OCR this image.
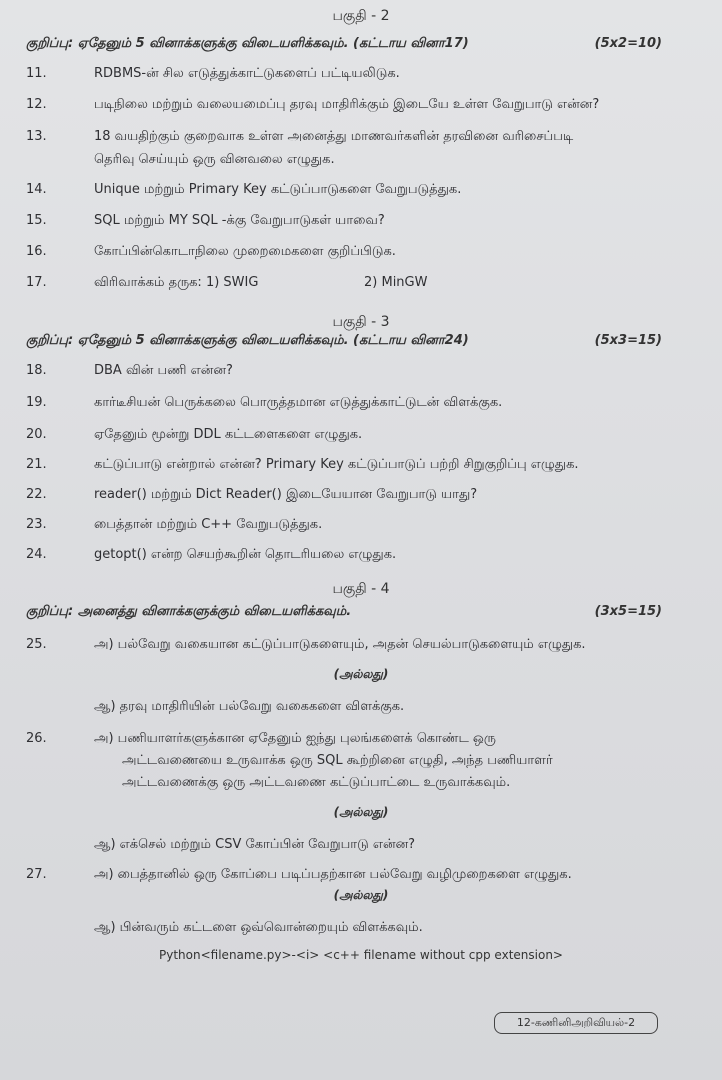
பகுதி - 2
குறிப்பு: ஏதேனும் 5 வினாக்களுக்கு விடையளிக்கவும். (கட்டாய வினா17)	(5x2=10)
11.	RDBMS-ன் சில எடுத்துக்காட்டுகளைப் பட்டியலிடுக.
12.	படிநிலை மற்றும் வலையமைப்பு தரவு மாதிரிக்கும் இடையே உள்ள வேறுபாடு என்ன?
13.	18 வயதிற்கும் குறைவாக உள்ள அனைத்து மாணவர்களின் தரவினை வரிசைப்படி
தெரிவு செய்யும் ஒரு வினவலை எழுதுக.
14.	Unique மற்றும் Primary Key கட்டுப்பாடுகளை வேறுபடுத்துக.
15.	SQL மற்றும் MY SQL -க்கு வேறுபாடுகள் யாவை?
16.	கோப்பின்கொடாநிலை முறைமைகளை குறிப்பிடுக.
17.	விரிவாக்கம் தருக: 1) SWIG	2) MinGW
பகுதி - 3
குறிப்பு: ஏதேனும் 5 வினாக்களுக்கு விடையளிக்கவும். (கட்டாய வினா24)	(5x3=15)
18.	DBA வின் பணி என்ன?
19.	கார்டீசியன் பெருக்கலை பொருத்தமான எடுத்துக்காட்டுடன் விளக்குக.
20.	ஏதேனும் மூன்று DDL கட்டளைகளை எழுதுக.
21.	கட்டுப்பாடு என்றால் என்ன? Primary Key கட்டுப்பாடுப் பற்றி சிறுகுறிப்பு எழுதுக.
22.	reader() மற்றும் Dict Reader() இடையேயான வேறுபாடு யாது?
23.	பைத்தான் மற்றும் C++ வேறுபடுத்துக.
24.	getopt() என்ற செயற்கூறின் தொடரியலை எழுதுக.
பகுதி - 4
குறிப்பு: அனைத்து வினாக்களுக்கும் விடையளிக்கவும்.	(3x5=15)
25.	அ) பல்வேறு வகையான கட்டுப்பாடுகளையும், அதன் செயல்பாடுகளையும் எழுதுக.
(அல்லது)
ஆ) தரவு மாதிரியின் பல்வேறு வகைகளை விளக்குக.
26.	அ) பணியாளர்களுக்கான ஏதேனும் ஐந்து புலங்களைக் கொண்ட ஒரு
அட்டவணையை உருவாக்க ஒரு SQL கூற்றினை எழுதி, அந்த பணியாளர்
அட்டவணைக்கு ஒரு அட்டவணை கட்டுப்பாட்டை உருவாக்கவும்.
(அல்லது)
ஆ) எக்செல் மற்றும் CSV கோப்பின் வேறுபாடு என்ன?
27.	அ) பைத்தானில் ஒரு கோப்பை படிப்பதற்கான பல்வேறு வழிமுறைகளை எழுதுக.
(அல்லது)
ஆ) பின்வரும் கட்டளை ஒவ்வொன்றையும் விளக்கவும்.
Python<filename.py>-<i> <c++ filename without cpp extension>
12-கணினிஅறிவியல்-2
